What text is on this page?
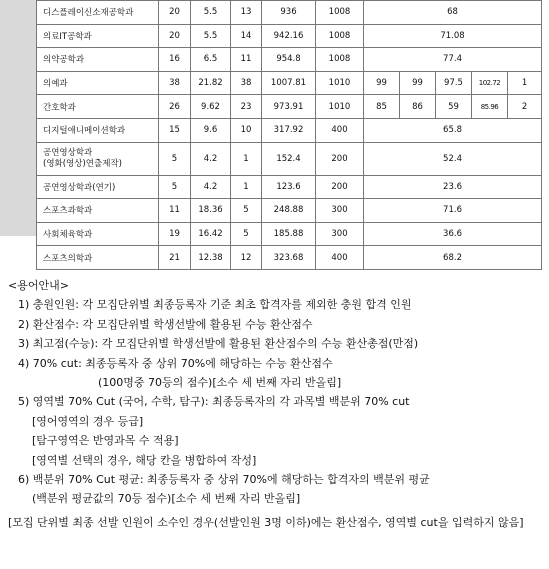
디스플레이신소재공학과	20	5.5	13	936	1008	68				
의료IT공학과	20	5.5	14	942.16	1008	71.08				
의약공학과	16	6.5	11	954.8	1008	77.4				
의예과	38	21.82	38	1007.81	1010	99	99	97.5	102.72	1
간호학과	26	9.62	23	973.91	1010	85	86	59	85.96	2
디지털애니메이션학과	15	9.6	10	317.92	400	65.8				

공연영상학과
(영화(영상)연출제작)	5	4.2	1	152.4	200	52.4				
공연영상학과(연기)	5	4.2	1	123.6	200	23.6				
스포츠과학과	11	18.36	5	248.88	300	71.6				
사회체육학과	19	16.42	5	185.88	300	36.6				
스포츠의학과	21	12.38	12	323.68	400	68.2				
<용어안내>
1) 충원인원: 각 모집단위별 최종등록자 기준 최초 합격자를 제외한 충원 합격 인원
2) 환산점수: 각 모집단위별 학생선발에 활용된 수능 환산점수
3) 최고점(수능): 각 모집단위별 학생선발에 활용된 환산점수의 수능 환산총점(만점)
4) 70% cut: 최종등록자 중 상위 70%에 해당하는 수능 환산점수
(100명중 70등의 점수)[소수 세 번째 자리 반올림]
5) 영역별 70% Cut (국어, 수학, 탐구): 최종등록자의 각 과목별 백분위 70% cut
[영어영역의 경우 등급]
[탐구영역은 반영과목 수 적용]
[영역별 선택의 경우, 해당 칸을 병합하여 작성]
6) 백분위 70% Cut 평균: 최종등록자 중 상위 70%에 해당하는 합격자의 백분위 평균
(백분위 평균값의 70등 점수)[소수 세 번째 자리 반올림]
[모집 단위별 최종 선발 인원이 소수인 경우(선발인원 3명 이하)에는 환산점수, 영역별 cut을 입력하지 않음]
